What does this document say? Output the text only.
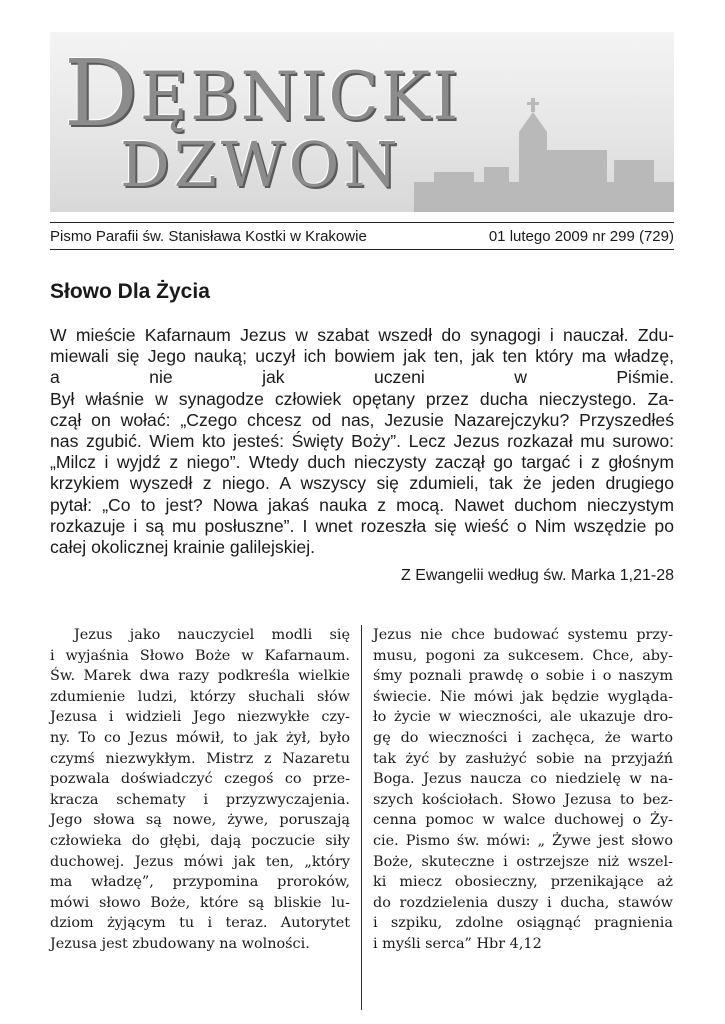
DĘBNICKI
DZWON
Pismo Parafii św. Stanisława Kostki w Krakowie	01 lutego 2009 nr 299 (729)
Słowo Dla Życia
W mieście Kafarnaum Jezus w szabat wszedł do synagogi i nauczał. Zdu-
miewali się Jego nauką; uczył ich bowiem jak ten, jak ten który ma władzę,
a nie jak uczeni w Piśmie.
Był właśnie w synagodze człowiek opętany przez ducha nieczystego. Za-
czął on wołać: „Czego chcesz od nas, Jezusie Nazarejczyku? Przyszedłeś
nas zgubić. Wiem kto jesteś: Święty Boży”. Lecz Jezus rozkazał mu surowo:
„Milcz i wyjdź z niego”. Wtedy duch nieczysty zaczął go targać i z głośnym
krzykiem wyszedł z niego. A wszyscy się zdumieli, tak że jeden drugiego
pytał: „Co to jest? Nowa jakaś nauka z mocą. Nawet duchom nieczystym
rozkazuje i są mu posłuszne”. I wnet rozeszła się wieść o Nim wszędzie po
całej okolicznej krainie galilejskiej.
Z Ewangelii według św. Marka 1,21-28
Jezus jako nauczyciel modli się
i wyjaśnia Słowo Boże w Kafarnaum.
Św. Marek dwa razy podkreśla wielkie
zdumienie ludzi, którzy słuchali słów
Jezusa i widzieli Jego niezwykłe czy-
ny. To co Jezus mówił, to jak żył, było
czymś niezwykłym. Mistrz z Nazaretu
pozwala doświadczyć czegoś co prze-
kracza schematy i przyzwyczajenia.
Jego słowa są nowe, żywe, poruszają
człowieka do głębi, dają poczucie siły
duchowej. Jezus mówi jak ten, „który
ma władzę”, przypomina proroków,
mówi słowo Boże, które są bliskie lu-
dziom żyjącym tu i teraz. Autorytet
Jezusa jest zbudowany na wolności.
Jezus nie chce budować systemu przy-
musu, pogoni za sukcesem. Chce, aby-
śmy poznali prawdę o sobie i o naszym
świecie. Nie mówi jak będzie wygląda-
ło życie w wieczności, ale ukazuje dro-
gę do wieczności i zachęca, że warto
tak żyć by zasłużyć sobie na przyjaźń
Boga. Jezus naucza co niedzielę w na-
szych kościołach. Słowo Jezusa to bez-
cenna pomoc w walce duchowej o Ży-
cie. Pismo św. mówi: „ Żywe jest słowo
Boże, skuteczne i ostrzejsze niż wszel-
ki miecz obosieczny, przenikające aż
do rozdzielenia duszy i ducha, stawów
i szpiku, zdolne osiągnąć pragnienia
i myśli serca” Hbr 4,12
